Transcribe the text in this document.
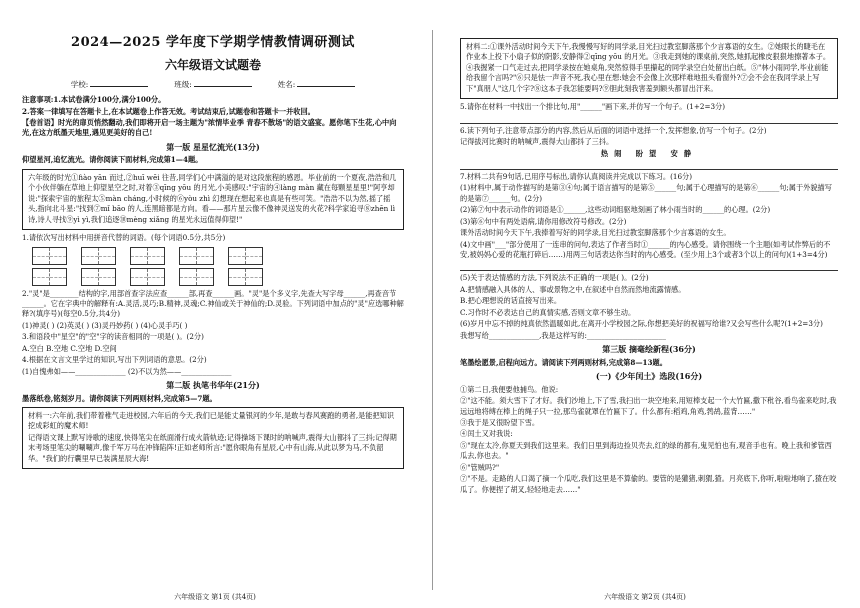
2024—2025 学年度下学期学情教情调研测试
六年级语文试题卷
学校:	班级:	姓名:

注意事项:1.本试卷满分100分,满分100分。

2.答案一律填写在答题卡上,在本试题卷上作答无效。考试结束后,试题卷和答题卡一并收回。

【卷首语】时光的扉页悄然翻动,我们即将开启一场主题为"浓情毕业季 青春不散场"的语文盛宴。愿你笔下生花,心中向光,在这方纸墨天地里,遇见更美好的自己!

第一版 星星忆流光(13分)

仰望星河,追忆流光。请你阅读下面材料,完成第1—4题。

六年级的时光①ɦào yān 而过,②huī wēi 往昔,同学们心中满溢的是对这段旅程的感恩。毕业前的一个夏夜,浩浩和几个小伙伴躺在草地上仰望星空之时,对着③qīng yōu 的月光,小美感叹:"宇宙的④làng màn 藏在每颗星星里!"阿亨却说:"探索宇宙的旅程太⑤màn cháng,小时候的⑥yòu zhì 幻想现在想起来也真是有些可笑。"浩浩不以为然,摇了摇头,指向北斗星:"找到⑦mǐ bāo 的人,连黑暗都是方向。看——那片星云像不像神灵送发的火花?科学家追寻⑧zhēn lì 诗,诗人寻找⑨yì yì,我们追逐⑩mèng xiǎng 的星光永远值得仰望!"

1.请依次写出材料中用拼音代替的词语。(每个词语0.5分,共5分)

2."灵"是________结构的字,用部首查字法应查______部,再查______画。"灵"是个多义字,先查大写字母______,再查音节______。它在字典中的解释有:A.灵活,灵巧;B.精神,灵魂;C.神仙或关于神仙的;D.灵验。下列词语中加点的"灵"应选哪种解释?(填序号)(每空0.5分,共4分)

(1)神灵( ) (2)英灵( ) (3)灵丹妙药( ) (4)心灵手巧( )

3.和语段中"星空"的"空"字的读音相同的一项是( )。(2分)

A.空白 B.空地 C.空地 D.空间

4.根据在文言文里学过的知识,写出下列词语的意思。(2分)

(1)自愧弗如——______________ (2)不以为然——______________

第二版 执笔书华年(21分)

墨落纸卷,铭刻岁月。请你阅读下列两则材料,完成第5—7题。

材料一:六年前,我们带着稚气走进校园,六年后的今天,我们已是能丈量银河的少年,是敢与春风赛跑的勇者,是能把知识挖成彩虹的魔术师!

记得语文课上默写诗歌的速度,快得笔尖在纸面滑行成火箭轨迹;记得操场下课时的呐喊声,震得大山都抖了三抖;记得期末考场里笔尖的唰唰声,像千军万马在冲锋陷阵!正如老师所言:"愿你眼角有星辰,心中有山海,从此以梦为马,不负韶华。"我们的行囊里早已装满星辰大海!

六年级语文 第1页 (共4页)

材料二:①课外活动时间今天下午,我慢慢写好的同学录,目光扫过教室脚落那个少言寡语的女生。②她眼长的睫毛在作业本上投下小扇子似的阴影,安静得②qīng yōu 的月光。③我走到她的课桌前,突然,她抓起橡皮狠狠地擦著本子。④我握紧一口气走过去,把同学录按在她桌角,突然惊得手里攥起的同学录空白处留出白纸。⑤"林小雨同学,毕业前能给我留个言吗?"⑥只是怯一声音不死,我心里在想:她会不会像上次那样难地扭头看窗外?⑦会不会在我同学录上写下"真朋人"这几个字?⑧这本子我怎能要吗?⑨胆此刻我害羞到额头都冒出汗来。

5.请你在材料一中找出一个排比句,用"______"画下来,并仿写一个句子。(1+2=3分)

6.读下列句子,注意带点部分的内容,然后从后面的词语中选择一个,发挥想象,仿写一个句子。(2分)

记得拔河比赛时的呐喊声,震得大山都抖了三抖。

热闹 盼望 安静

7.材料二共有9句话,已用序号标出,请你认真阅读并完成以下练习。(16分)

(1)材料中,属于动作描写的是第③④句;属于语言描写的是第⑤______句;属于心理描写的是第⑥______句;属于外貌描写的是第⑦______句。(2分)

(2)第⑦句中表示动作的词语是①______,这些动词组驱地刻画了林小雨当时的______的心理。(2分)

(3)第⑥句中有两处语病,请你用修改符号修改。(2分)

课外活动时间今天下午,我捧着写好的同学录,目光扫过教室脚落那个少言寡语的女生。

(4)文中画"___"部分使用了一连串的问句,表达了作者当时①______的内心感受。请你围绕一个主题(如考试作弊后的不安,被妈妈心爱的花瓶打碎后……)用两三句话表达你当时的内心感受。(至少用上3个或者3个以上的问句)(1+3=4分)

(5)关于表达情感的方法,下列说法不正确的一项是( )。(2分)

A.把情感融入具体的人、事或景物之中,在叙述中自然而然地流露情感。

B.把心理想说的话直接写出来。

C.习作时不必表达自己的真情实感,否则文章不够生动。

(6)岁月中忘不掉的纯真依然温暖如此,在离开小学校园之际,你想把美好的祝福写给谁?又会写些什么呢?(1+2=3分)

我想写给______________,我是这样写的:______________________

第三版 摘毫绘新程(36分)

笔墨绘愿景,启程向远方。请阅读下列两则材料,完成第8—13题。

(一)《少年闰土》选段(16分)

①第二日,我便要他捕鸟。他说:

②"这不能。须大雪下了才好。我们沙地上,下了雪,我扫出一块空地来,用短棒支起一个大竹匾,撒下秕谷,看鸟雀来吃时,我远远地将缚在棒上的绳子只一拉,那鸟雀就罩在竹匾下了。什么都有:稻鸡,角鸡,鹁鸪,蓝背……"

③我于是又很盼望下雪。

④闰土又对我说:

⑤"现在太冷,你夏天到我们这里来。我们日里到海边捡贝壳去,红的绿的都有,鬼见怕也有,观音手也有。晚上我和爹管西瓜去,你也去。"

⑥"管贼吗?"

⑦"不是。走路的人口渴了摘一个瓜吃,我们这里是不算偷的。要管的是獾猪,刺猬,猹。月亮底下,你听,啦啦地响了,猹在咬瓜了。你便捏了胡叉,轻轻地走去……"

六年级语文 第2页 (共4页)
